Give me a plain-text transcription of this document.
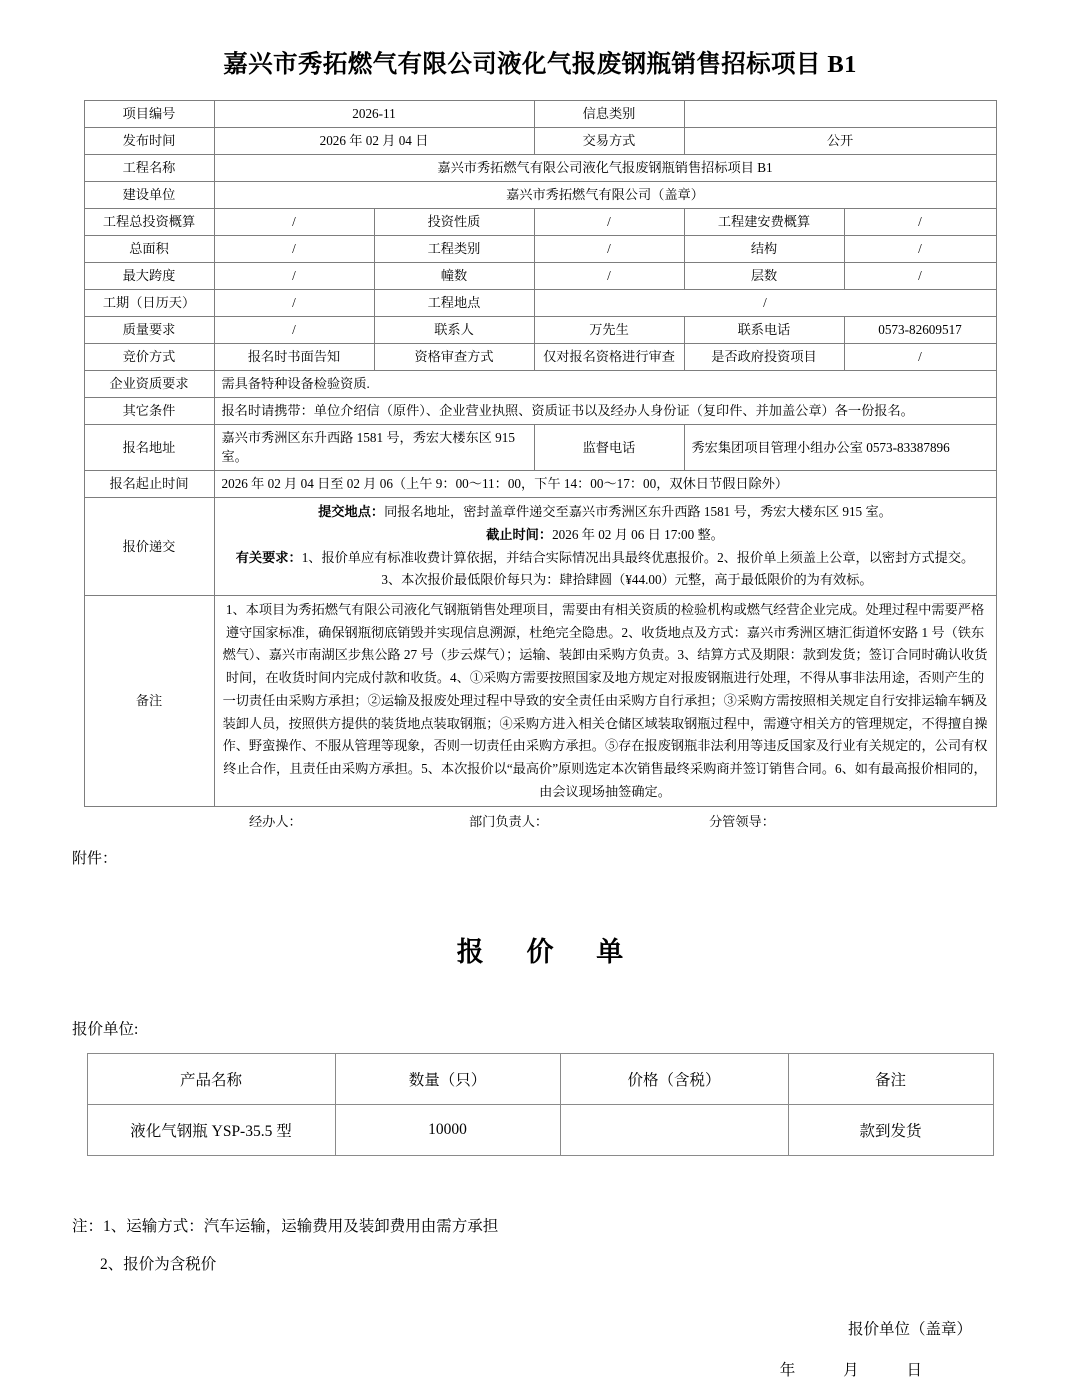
嘉兴市秀拓燃气有限公司液化气报废钢瓶销售招标项目 B1
项目编号	2026-11		信息类别		
发布时间	2026 年 02 月 04 日		交易方式	公开	
工程名称	嘉兴市秀拓燃气有限公司液化气报废钢瓶销售招标项目 B1				
建设单位	嘉兴市秀拓燃气有限公司（盖章）				
工程总投资概算	/	投资性质	/	工程建安费概算	/
总面积	/	工程类别	/	结构	/
最大跨度	/	幢数	/	层数	/
工期（日历天）	/	工程地点	/		
质量要求	/	联系人	万先生	联系电话	0573-82609517
竞价方式	报名时书面告知	资格审查方式	仅对报名资格进行审查	是否政府投资项目	/
企业资质要求	需具备特种设备检验资质.				
其它条件	报名时请携带：单位介绍信（原件）、企业营业执照、资质证书以及经办人身份证（复印件、并加盖公章）各一份报名。				
报名地址	嘉兴市秀洲区东升西路 1581 号，秀宏大楼东区 915 室。		监督电话	秀宏集团项目管理小组办公室 0573-83387896	
报名起止时间	2026 年 02 月 04 日至 02 月 06（上午 9：00～11：00，下午 14：00～17：00，双休日节假日除外）				
报价递交	提交地点：同报名地址，密封盖章件递交至嘉兴市秀洲区东升西路 1581 号，秀宏大楼东区 915 室。
截止时间：2026 年 02 月 06 日 17:00 整。
有关要求：1、报价单应有标准收费计算依据，并结合实际情况出具最终优惠报价。2、报价单上须盖上公章，以密封方式提交。
3、本次报价最低限价每只为：肆拾肆圆（¥44.00）元整，高于最低限价的为有效标。				

备注	1、本项目为秀拓燃气有限公司液化气钢瓶销售处理项目，需要由有相关资质的检验机构或燃气经营企业完成。处理过程中需要严格遵守国家标准，确保钢瓶彻底销毁并实现信息溯源，杜绝完全隐患。2、收货地点及方式：嘉兴市秀洲区塘汇街道怀安路 1 号（铁东燃气）、嘉兴市南湖区步焦公路 27 号（步云煤气）；运输、装卸由采购方负责。3、结算方式及期限：款到发货；签订合同时确认收货时间，在收货时间内完成付款和收货。4、①采购方需要按照国家及地方规定对报废钢瓶进行处理，不得从事非法用途，否则产生的一切责任由采购方承担；②运输及报废处理过程中导致的安全责任由采购方自行承担；③采购方需按照相关规定自行安排运输车辆及装卸人员，按照供方提供的装货地点装取钢瓶；④采购方进入相关仓储区域装取钢瓶过程中，需遵守相关方的管理规定，不得擅自操作、野蛮操作、不服从管理等现象，否则一切责任由采购方承担。⑤存在报废钢瓶非法利用等违反国家及行业有关规定的，公司有权终止合作，且责任由采购方承担。5、本次报价以“最高价”原则选定本次销售最终采购商并签订销售合同。6、如有最高报价相同的，由会议现场抽签确定。				
经办人：	部门负责人：	分管领导：
附件：
报 价 单
报价单位:
产品名称	数量（只）	价格（含税）	备注
液化气钢瓶 YSP-35.5 型	10000		款到发货
注：1、运输方式：汽车运输，运输费用及装卸费用由需方承担
2、报价为含税价
报价单位（盖章）
年 月 日
